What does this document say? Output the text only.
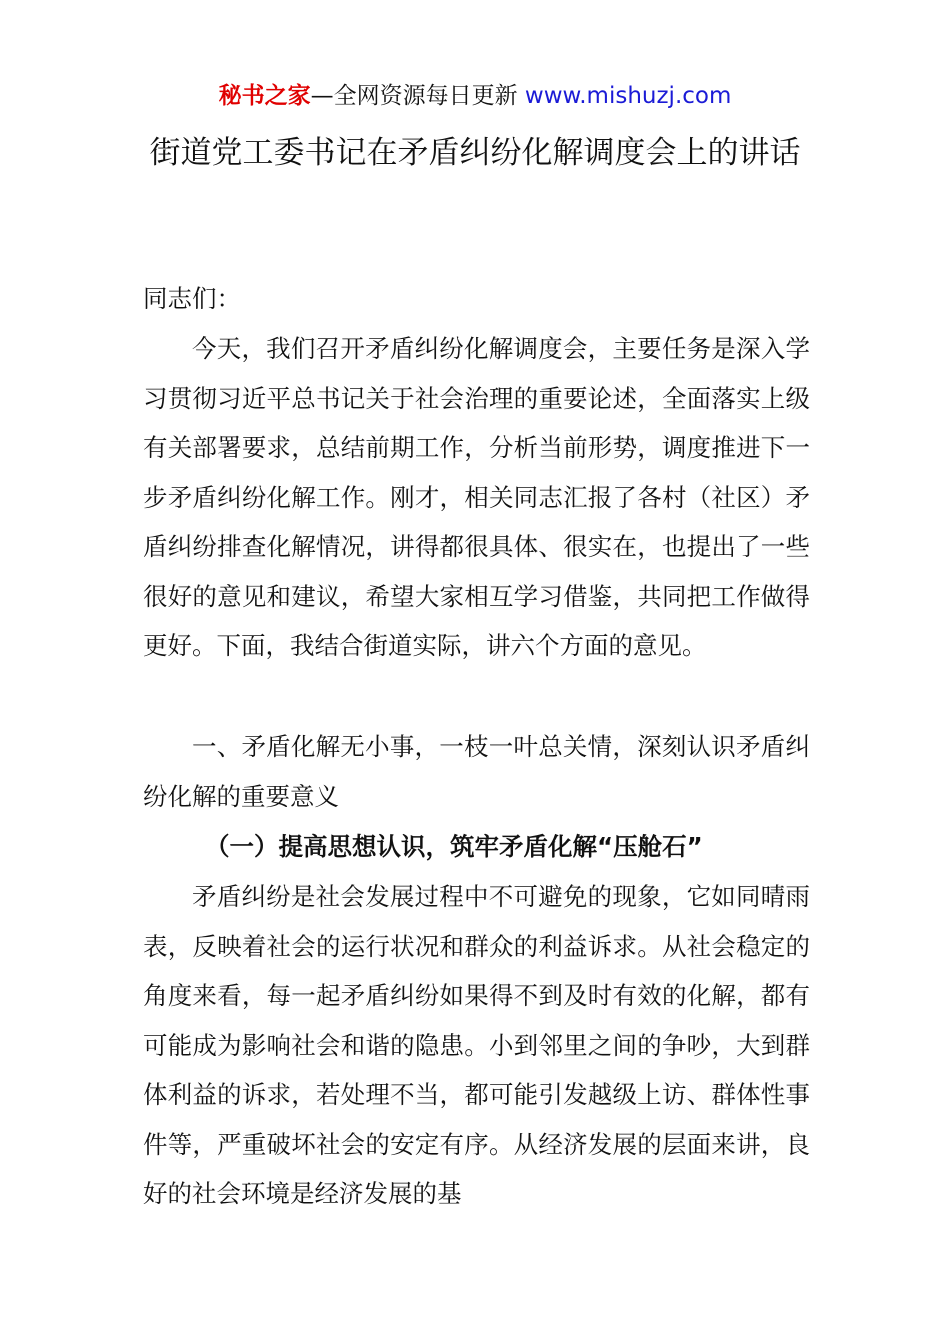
秘书之家—全网资源每日更新 www.mishuzj.com
街道党工委书记在矛盾纠纷化解调度会上的讲话

同志们：

今天，我们召开矛盾纠纷化解调度会，主要任务是深入学习贯彻习近平总书记关于社会治理的重要论述，全面落实上级有关部署要求，总结前期工作，分析当前形势，调度推进下一步矛盾纠纷化解工作。刚才，相关同志汇报了各村（社区）矛盾纠纷排查化解情况，讲得都很具体、很实在，也提出了一些很好的意见和建议，希望大家相互学习借鉴，共同把工作做得更好。下面，我结合街道实际，讲六个方面的意见。

一、矛盾化解无小事，一枝一叶总关情，深刻认识矛盾纠纷化解的重要意义

（一）提高思想认识，筑牢矛盾化解“压舱石”

矛盾纠纷是社会发展过程中不可避免的现象，它如同晴雨表，反映着社会的运行状况和群众的利益诉求。从社会稳定的角度来看，每一起矛盾纠纷如果得不到及时有效的化解，都有可能成为影响社会和谐的隐患。小到邻里之间的争吵，大到群体利益的诉求，若处理不当，都可能引发越级上访、群体性事件等，严重破坏社会的安定有序。从经济发展的层面来讲，良好的社会环境是经济发展的基
